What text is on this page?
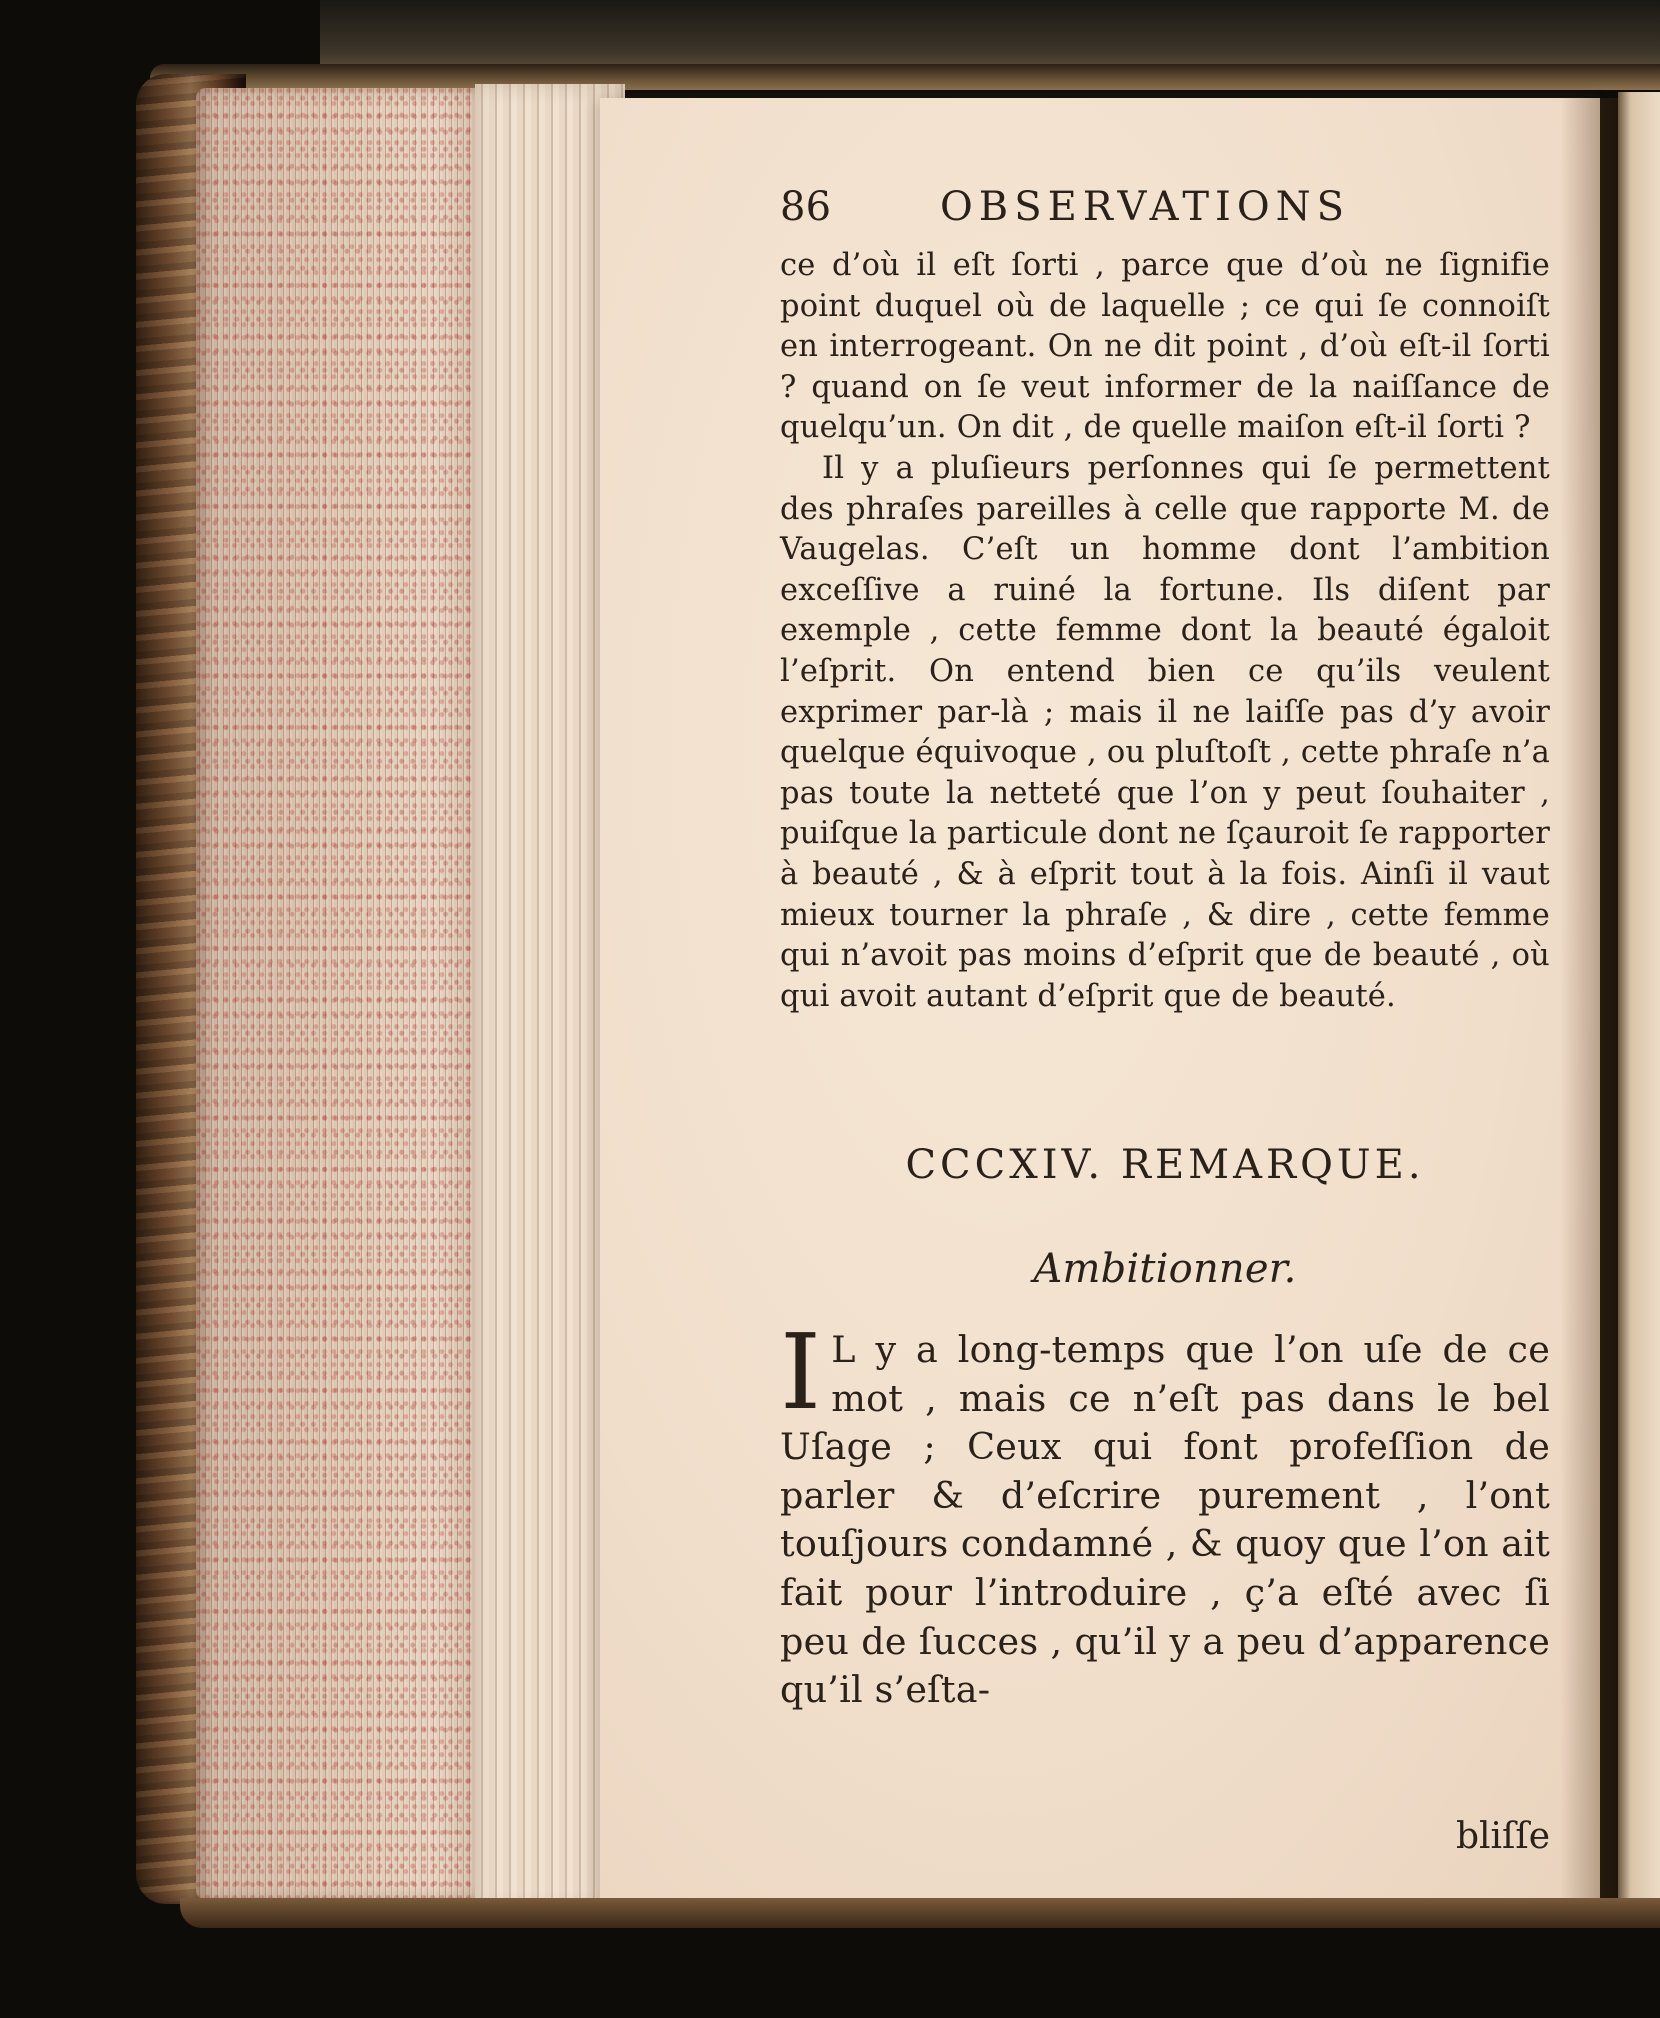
86	OBSERVATIONS

ce d’où il eſt ſorti , parce que d’où ne ſignifie point duquel où de laquelle ; ce qui ſe connoiſt en interrogeant. On ne dit point , d’où eſt-il ſorti ? quand on ſe veut informer de la naiſſance de quelqu’un. On dit , de quelle maiſon eſt-il ſorti ?

Il y a pluſieurs perſonnes qui ſe permettent des phraſes pareilles à celle que rapporte M. de Vaugelas. C’eſt un homme dont l’ambition exceſſive a ruiné la fortune. Ils diſent par exemple , cette femme dont la beauté égaloit l’eſprit. On entend bien ce qu’ils veulent exprimer par-là ; mais il ne laiſſe pas d’y avoir quelque équivoque , ou pluſtoſt , cette phraſe n’a pas toute la netteté que l’on y peut ſouhaiter , puiſque la particule dont ne ſçauroit ſe rapporter à beauté , & à eſprit tout à la fois. Ainſi il vaut mieux tourner la phraſe , & dire , cette femme qui n’avoit pas moins d’eſprit que de beauté , où qui avoit autant d’eſprit que de beauté.

CCCXIV. REMARQUE.
Ambitionner.
I L y a long-temps que l’on uſe de ce mot , mais ce n’eſt pas dans le bel Uſage ; Ceux qui font profeſſion de parler & d’eſcrire purement , l’ont touſjours condamné , & quoy que l’on ait fait pour l’introduire , ç’a eſté avec ſi peu de ſucces , qu’il y a peu d’apparence qu’il s’eſta-
bliſſe
